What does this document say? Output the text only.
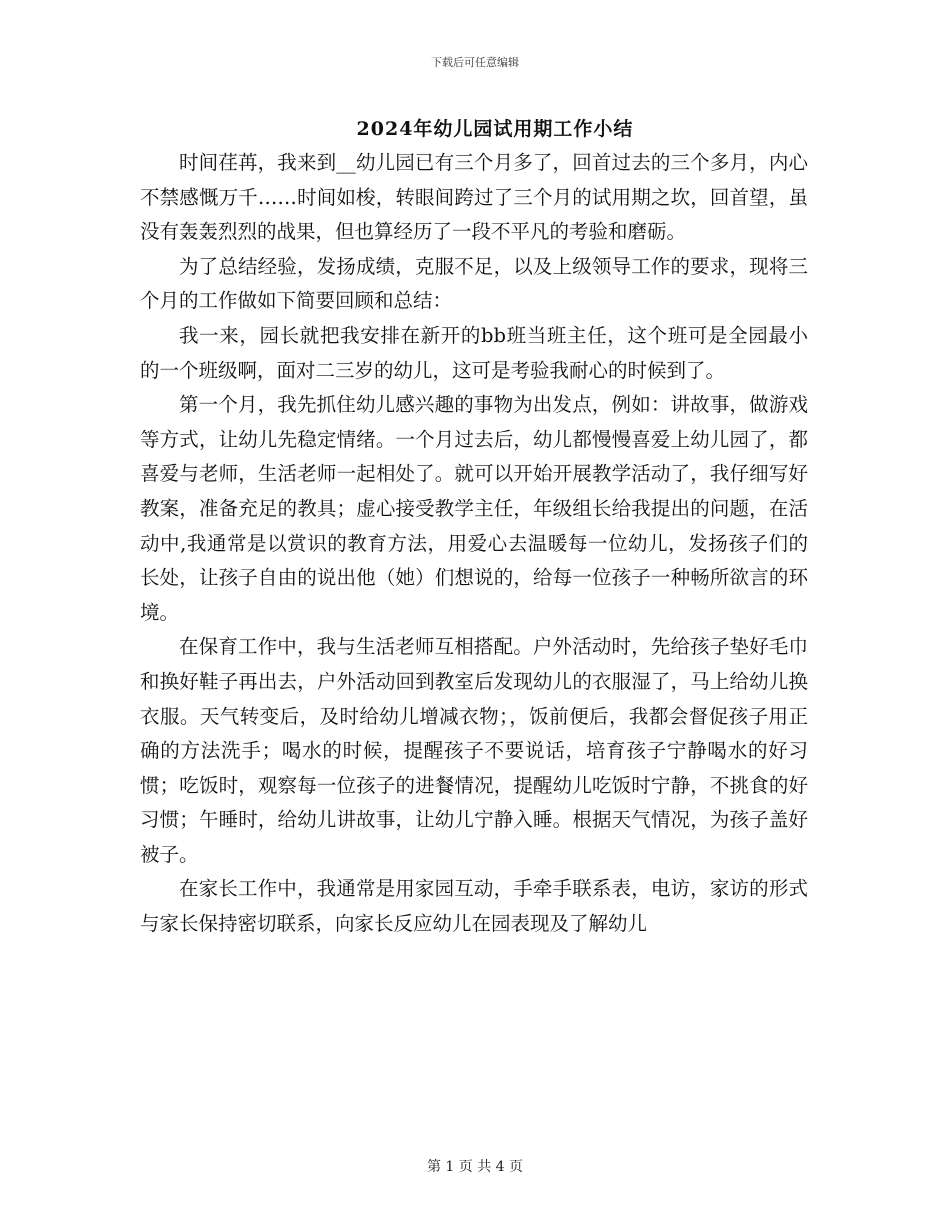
下载后可任意编辑
2024年幼儿园试用期工作小结

时间荏苒，我来到__幼儿园已有三个月多了，回首过去的三个多月，内心不禁感慨万千……时间如梭，转眼间跨过了三个月的试用期之坎，回首望，虽没有轰轰烈烈的战果，但也算经历了一段不平凡的考验和磨砺。

为了总结经验，发扬成绩，克服不足，以及上级领导工作的要求，现将三个月的工作做如下简要回顾和总结：

我一来，园长就把我安排在新开的bb班当班主任，这个班可是全园最小的一个班级啊，面对二三岁的幼儿，这可是考验我耐心的时候到了。

第一个月，我先抓住幼儿感兴趣的事物为出发点，例如：讲故事，做游戏等方式，让幼儿先稳定情绪。一个月过去后，幼儿都慢慢喜爱上幼儿园了，都喜爱与老师，生活老师一起相处了。就可以开始开展教学活动了，我仔细写好教案，准备充足的教具；虚心接受教学主任，年级组长给我提出的问题，在活动中,我通常是以赏识的教育方法，用爱心去温暖每一位幼儿，发扬孩子们的长处，让孩子自由的说出他（她）们想说的，给每一位孩子一种畅所欲言的环境。

在保育工作中，我与生活老师互相搭配。户外活动时，先给孩子垫好毛巾和换好鞋子再出去，户外活动回到教室后发现幼儿的衣服湿了，马上给幼儿换衣服。天气转变后，及时给幼儿增减衣物；，饭前便后，我都会督促孩子用正确的方法洗手；喝水的时候，提醒孩子不要说话，培育孩子宁静喝水的好习惯；吃饭时，观察每一位孩子的进餐情况，提醒幼儿吃饭时宁静，不挑食的好习惯；午睡时，给幼儿讲故事，让幼儿宁静入睡。根据天气情况，为孩子盖好被子。

在家长工作中，我通常是用家园互动，手牵手联系表，电访，家访的形式与家长保持密切联系，向家长反应幼儿在园表现及了解幼儿

第 1 页 共 4 页
